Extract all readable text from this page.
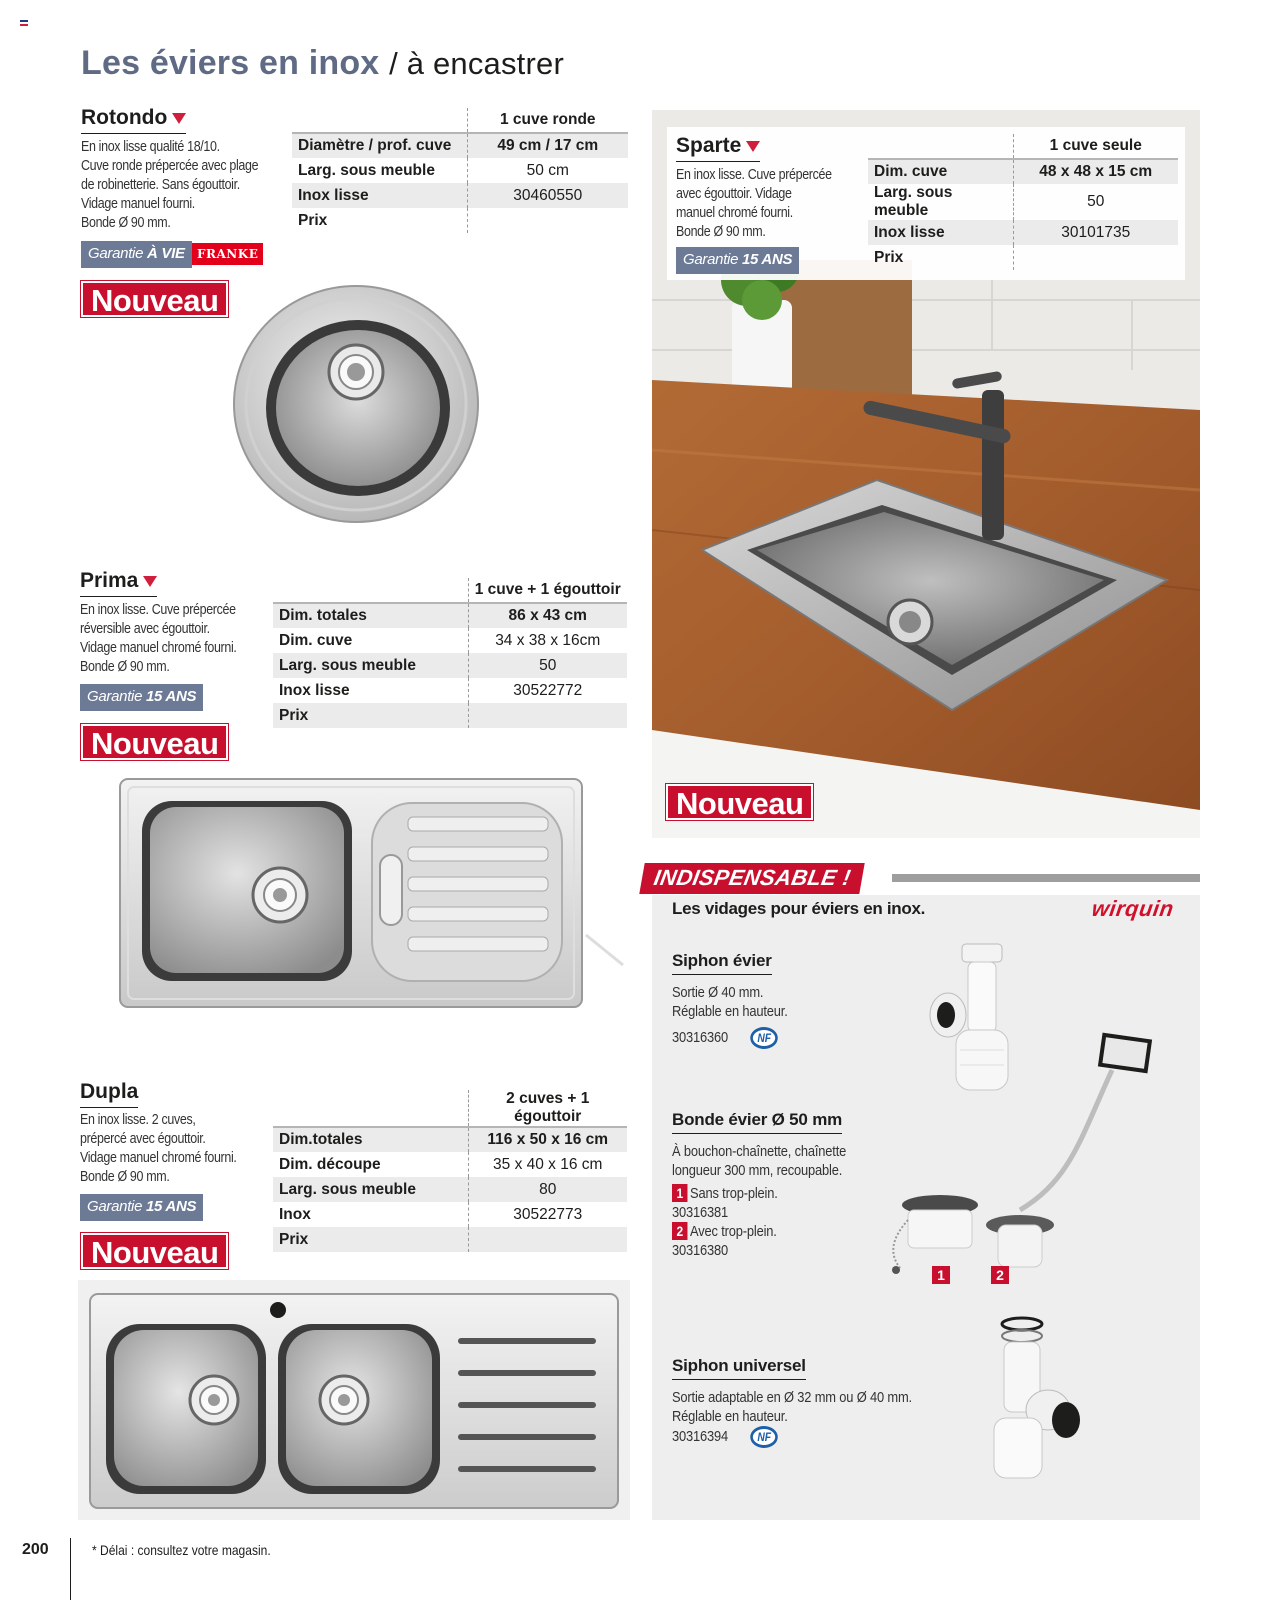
Les éviers en inox / à encastrer
Rotondo
En inox lisse qualité 18/10.
Cuve ronde prépercée avec plage
de robinetterie. Sans égouttoir.
Vidage manuel fourni.
Bonde Ø 90 mm.
Garantie À VIE	FRANKE
Nouveau
	1 cuve ronde
Diamètre / prof. cuve	49 cm / 17 cm
Larg. sous meuble	50 cm
Inox lisse	30460550
Prix	
Prima
En inox lisse. Cuve prépercée
réversible avec égouttoir.
Vidage manuel chromé fourni.
Bonde Ø 90 mm.
Garantie 15 ANS
Nouveau
	1 cuve + 1 égouttoir
Dim. totales	86 x 43 cm
Dim. cuve	34 x 38 x 16cm
Larg. sous meuble	50
Inox lisse	30522772
Prix	
Dupla
En inox lisse. 2 cuves,
prépercé avec égouttoir.
Vidage manuel chromé fourni.
Bonde Ø 90 mm.
Garantie 15 ANS
Nouveau
	2 cuves + 1 égouttoir
Dim.totales	116 x 50 x 16 cm
Dim. découpe	35 x 40 x 16 cm
Larg. sous meuble	80
Inox	30522773
Prix	
Sparte
En inox lisse. Cuve prépercée
avec égouttoir. Vidage
manuel chromé fourni.
Bonde Ø 90 mm.
Garantie 15 ANS
	1 cuve seule
Dim. cuve	48 x 48 x 15 cm
Larg. sous meuble	50
Inox lisse	30101735
Prix	
Nouveau
INDISPENSABLE !
Les vidages pour éviers en inox.	wirquin
Siphon évier
Sortie Ø 40 mm.
Réglable en hauteur.
30316360 NF
Bonde évier Ø 50 mm
À bouchon-chaînette, chaînette
longueur 300 mm, recoupable.
1 Sans trop-plein.
30316381
2 Avec trop-plein.
30316380
Siphon universel
Sortie adaptable en Ø 32 mm ou Ø 40 mm.
Réglable en hauteur.
30316394 NF
1	2
200	* Délai : consultez votre magasin.
